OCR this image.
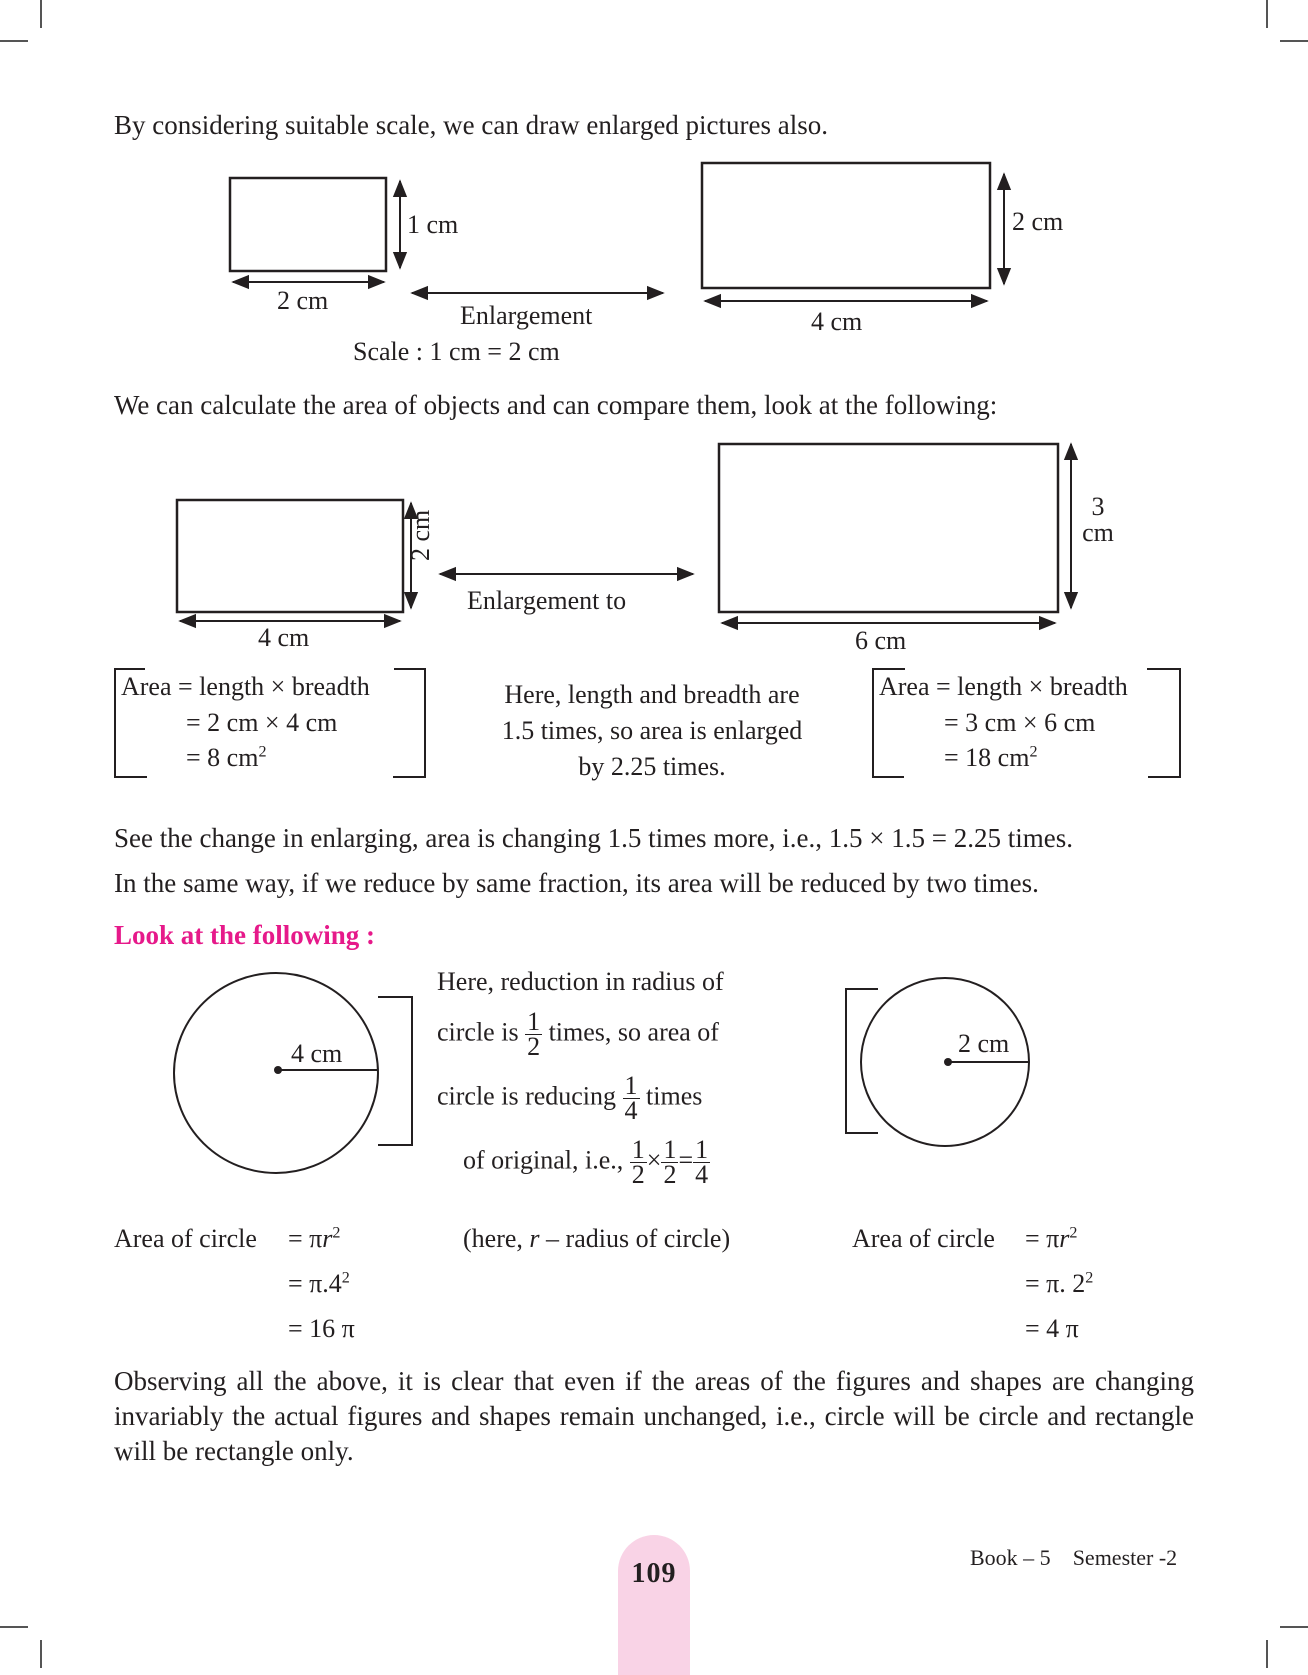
By considering suitable scale, we can draw enlarged pictures also.
1 cm
2 cm
Enlargement
Scale : 1 cm = 2 cm
2 cm
4 cm
We can calculate the area of objects and can compare them, look at the following:
2 cm
4 cm
Enlargement to
3
cm
6 cm
Area = length × breadth
= 2 cm × 4 cm
= 8 $cm^2$
Here, length and breadth are
1.5 times, so area is enlarged
by 2.25 times.
Area = length × breadth
= 3 cm × 6 cm
= 18 $cm^2$
See the change in enlarging, area is changing 1.5 times more, i.e., 1.5 × 1.5 = 2.25 times.
In the same way, if we reduce by same fraction, its area will be reduced by two times.
Look at the following :
4 cm	2 cm
Here, reduction in radius of
circle is $\frac{1}{2}$ times, so area of
circle is reducing $\frac{1}{4}$ times
of original, i.e., $\frac{1}{2} \times \frac{1}{2} = \frac{1}{4}$
(here, r – radius of circle)
Area of circle = $\pi r^2$
= $\pi.4^2$
= 16 π
Area of circle = $\pi r^2$
= π. $2^2$
= 4 π
Observing all the above, it is clear that even if the areas of the figures and shapes are changing invariably the actual figures and shapes remain unchanged, i.e., circle will be circle and rectangle will be rectangle only.
109
Book – 5 Semester -2
